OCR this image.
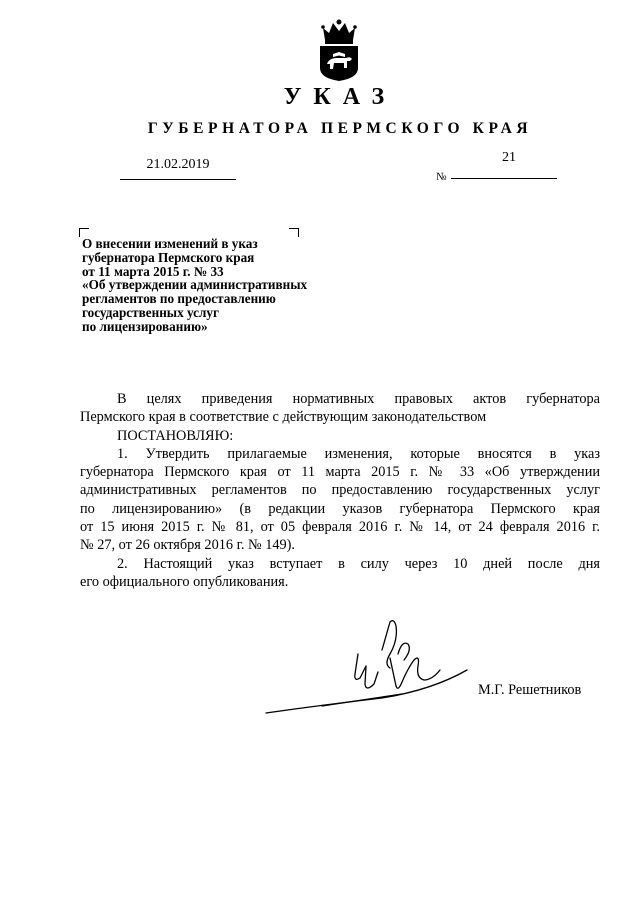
УКАЗ
ГУБЕРНАТОРА ПЕРМСКОГО КРАЯ
21.02.2019
№
21
О внесении изменений в указ
губернатора Пермского края
от 11 марта 2015 г. № 33
«Об утверждении административных
регламентов по предоставлению
государственных услуг
по лицензированию»
В целях приведения нормативных правовых актов губернатора
Пермского края в соответствие с действующим законодательством
ПОСТАНОВЛЯЮ:
1. Утвердить прилагаемые изменения, которые вносятся в указ
губернатора Пермского края от 11 марта 2015 г. № 33 «Об утверждении
административных регламентов по предоставлению государственных услуг
по лицензированию» (в редакции указов губернатора Пермского края
от 15 июня 2015 г. № 81, от 05 февраля 2016 г. № 14, от 24 февраля 2016 г.
№ 27, от 26 октября 2016 г. № 149).
2. Настоящий указ вступает в силу через 10 дней после дня
его официального опубликования.
М.Г. Решетников
